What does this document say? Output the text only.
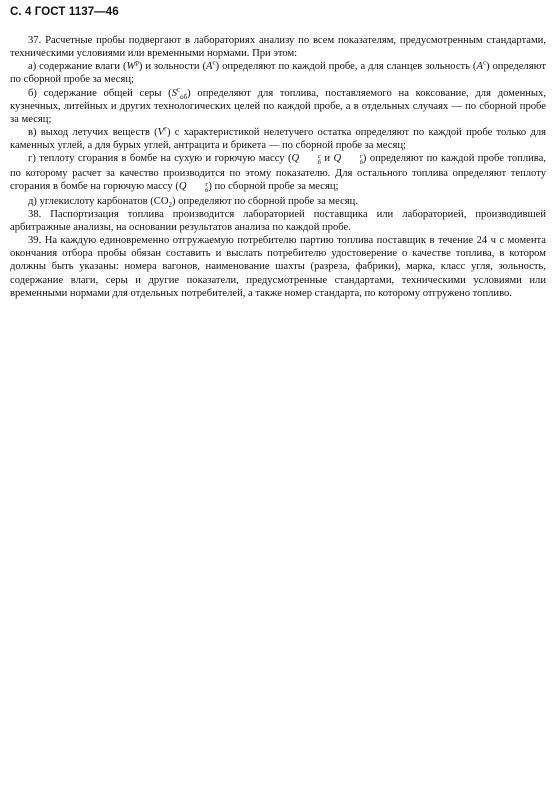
С. 4 ГОСТ 1137—46

37. Расчетные пробы подвергают в лабораториях анализу по всем показателям, предусмотренным стандартами, техническими условиями или временными нормами. При этом:

а) содержание влаги $(W^p)$ и зольности $(A^c)$ определяют по каждой пробе, а для сланцев зольность $(A^c)$ определяют по сборной пробе за месяц;

б) содержание общей серы $(S^c_{об})$ определяют для топлива, поставляемого на коксование, для доменных, кузнечных, литейных и других технологических целей по каждой пробе, а в отдельных случаях — по сборной пробе за месяц;

в) выход летучих веществ $(V^г)$ с характеристикой нелетучего остатка определяют по каждой пробе только для каменных углей, а для бурых углей, антрацита и брикета — по сборной пробе за месяц;

г) теплоту сгорания в бомбе на сухую и горючую массу (Q	c
б и Q	г
б ) определяют по каждой пробе топлива, по которому расчет за качество производится по этому показателю. Для остального топлива определяют теплоту сгорания в бомбе на горючую массу (Q	г
б ) по сборной пробе за месяц;

д) углекислоту карбонатов $(CO_2)$ определяют по сборной пробе за месяц.

38. Паспортизация топлива производится лабораторией поставщика или лабораторией, производившей арбитражные анализы, на основании результатов анализа по каждой пробе.

39. На каждую единовременно отгружаемую потребителю партию топлива поставщик в течение 24 ч с момента окончания отбора пробы обязан составить и выслать потребителю удостоверение о качестве топлива, в котором должны быть указаны: номера вагонов, наименование шахты (разреза, фабрики), марка, класс угля, зольность, содержание влаги, серы и другие показатели, предусмотренные стандартами, техническими условиями или временными нормами для отдельных потребителей, а также номер стандарта, по которому отгружено топливо.
